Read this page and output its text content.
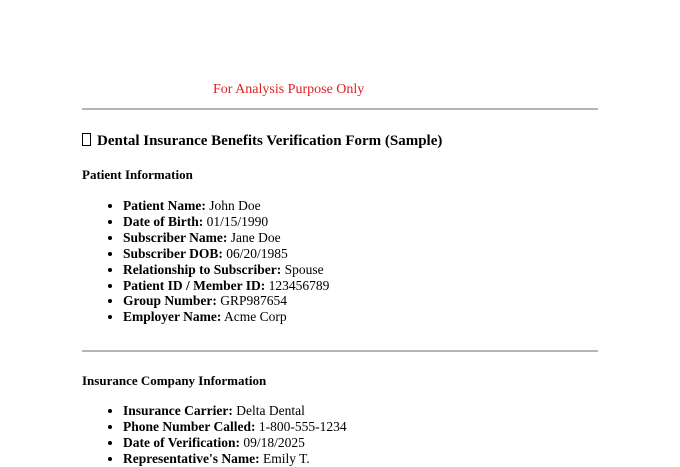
For Analysis Purpose Only
Dental Insurance Benefits Verification Form (Sample)
Patient Information
• Patient Name: John Doe
• Date of Birth: 01/15/1990
• Subscriber Name: Jane Doe
• Subscriber DOB: 06/20/1985
• Relationship to Subscriber: Spouse
• Patient ID / Member ID: 123456789
• Group Number: GRP987654
• Employer Name: Acme Corp
Insurance Company Information
• Insurance Carrier: Delta Dental
• Phone Number Called: 1-800-555-1234
• Date of Verification: 09/18/2025
• Representative's Name: Emily T.
